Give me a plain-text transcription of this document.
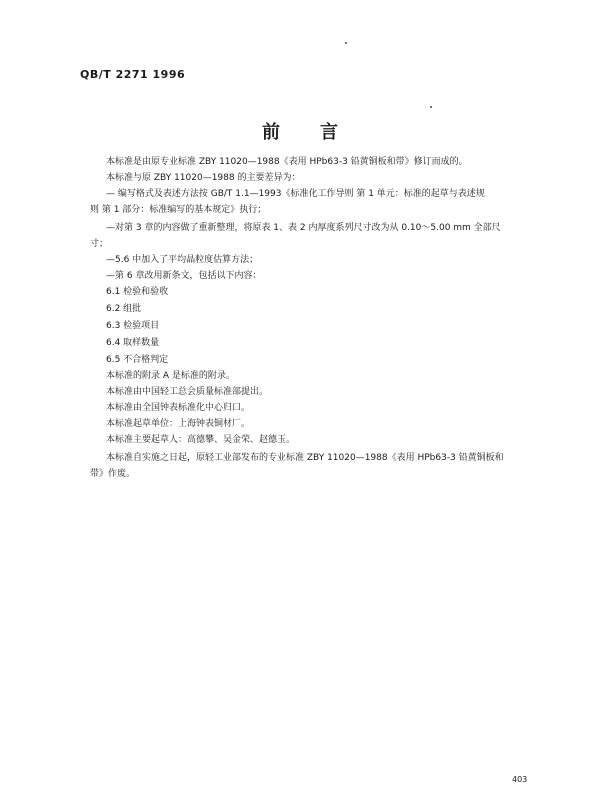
QB/T 2271 1996
前言
本标准是由原专业标准 ZBY 11020—1988《表用 HPb63-3 铅黄铜板和带》修订而成的。
本标准与原 ZBY 11020—1988 的主要差异为：
— 编写格式及表述方法按 GB/T 1.1—1993《标准化工作导则 第 1 单元：标准的起草与表述规
则 第 1 部分：标准编写的基本规定》执行；
—对第 3 章的内容做了重新整理，将原表 1、表 2 内厚度系列尺寸改为从 0.10～5.00 mm 全部尺
寸；
—5.6 中加入了平均晶粒度估算方法；
—第 6 章改用新条文，包括以下内容：
6.1 检验和验收
6.2 组批
6.3 检验项目
6.4 取样数量
6.5 不合格判定
本标准的附录 A 是标准的附录。
本标准由中国轻工总会质量标准部提出。
本标准由全国钟表标准化中心归口。
本标准起草单位：上海钟表铜材厂。
本标准主要起草人：高德攀、吴金荣、赵德玉。
本标准自实施之日起，原轻工业部发布的专业标准 ZBY 11020—1988《表用 HPb63-3 铅黄铜板和
带》作废。
403
